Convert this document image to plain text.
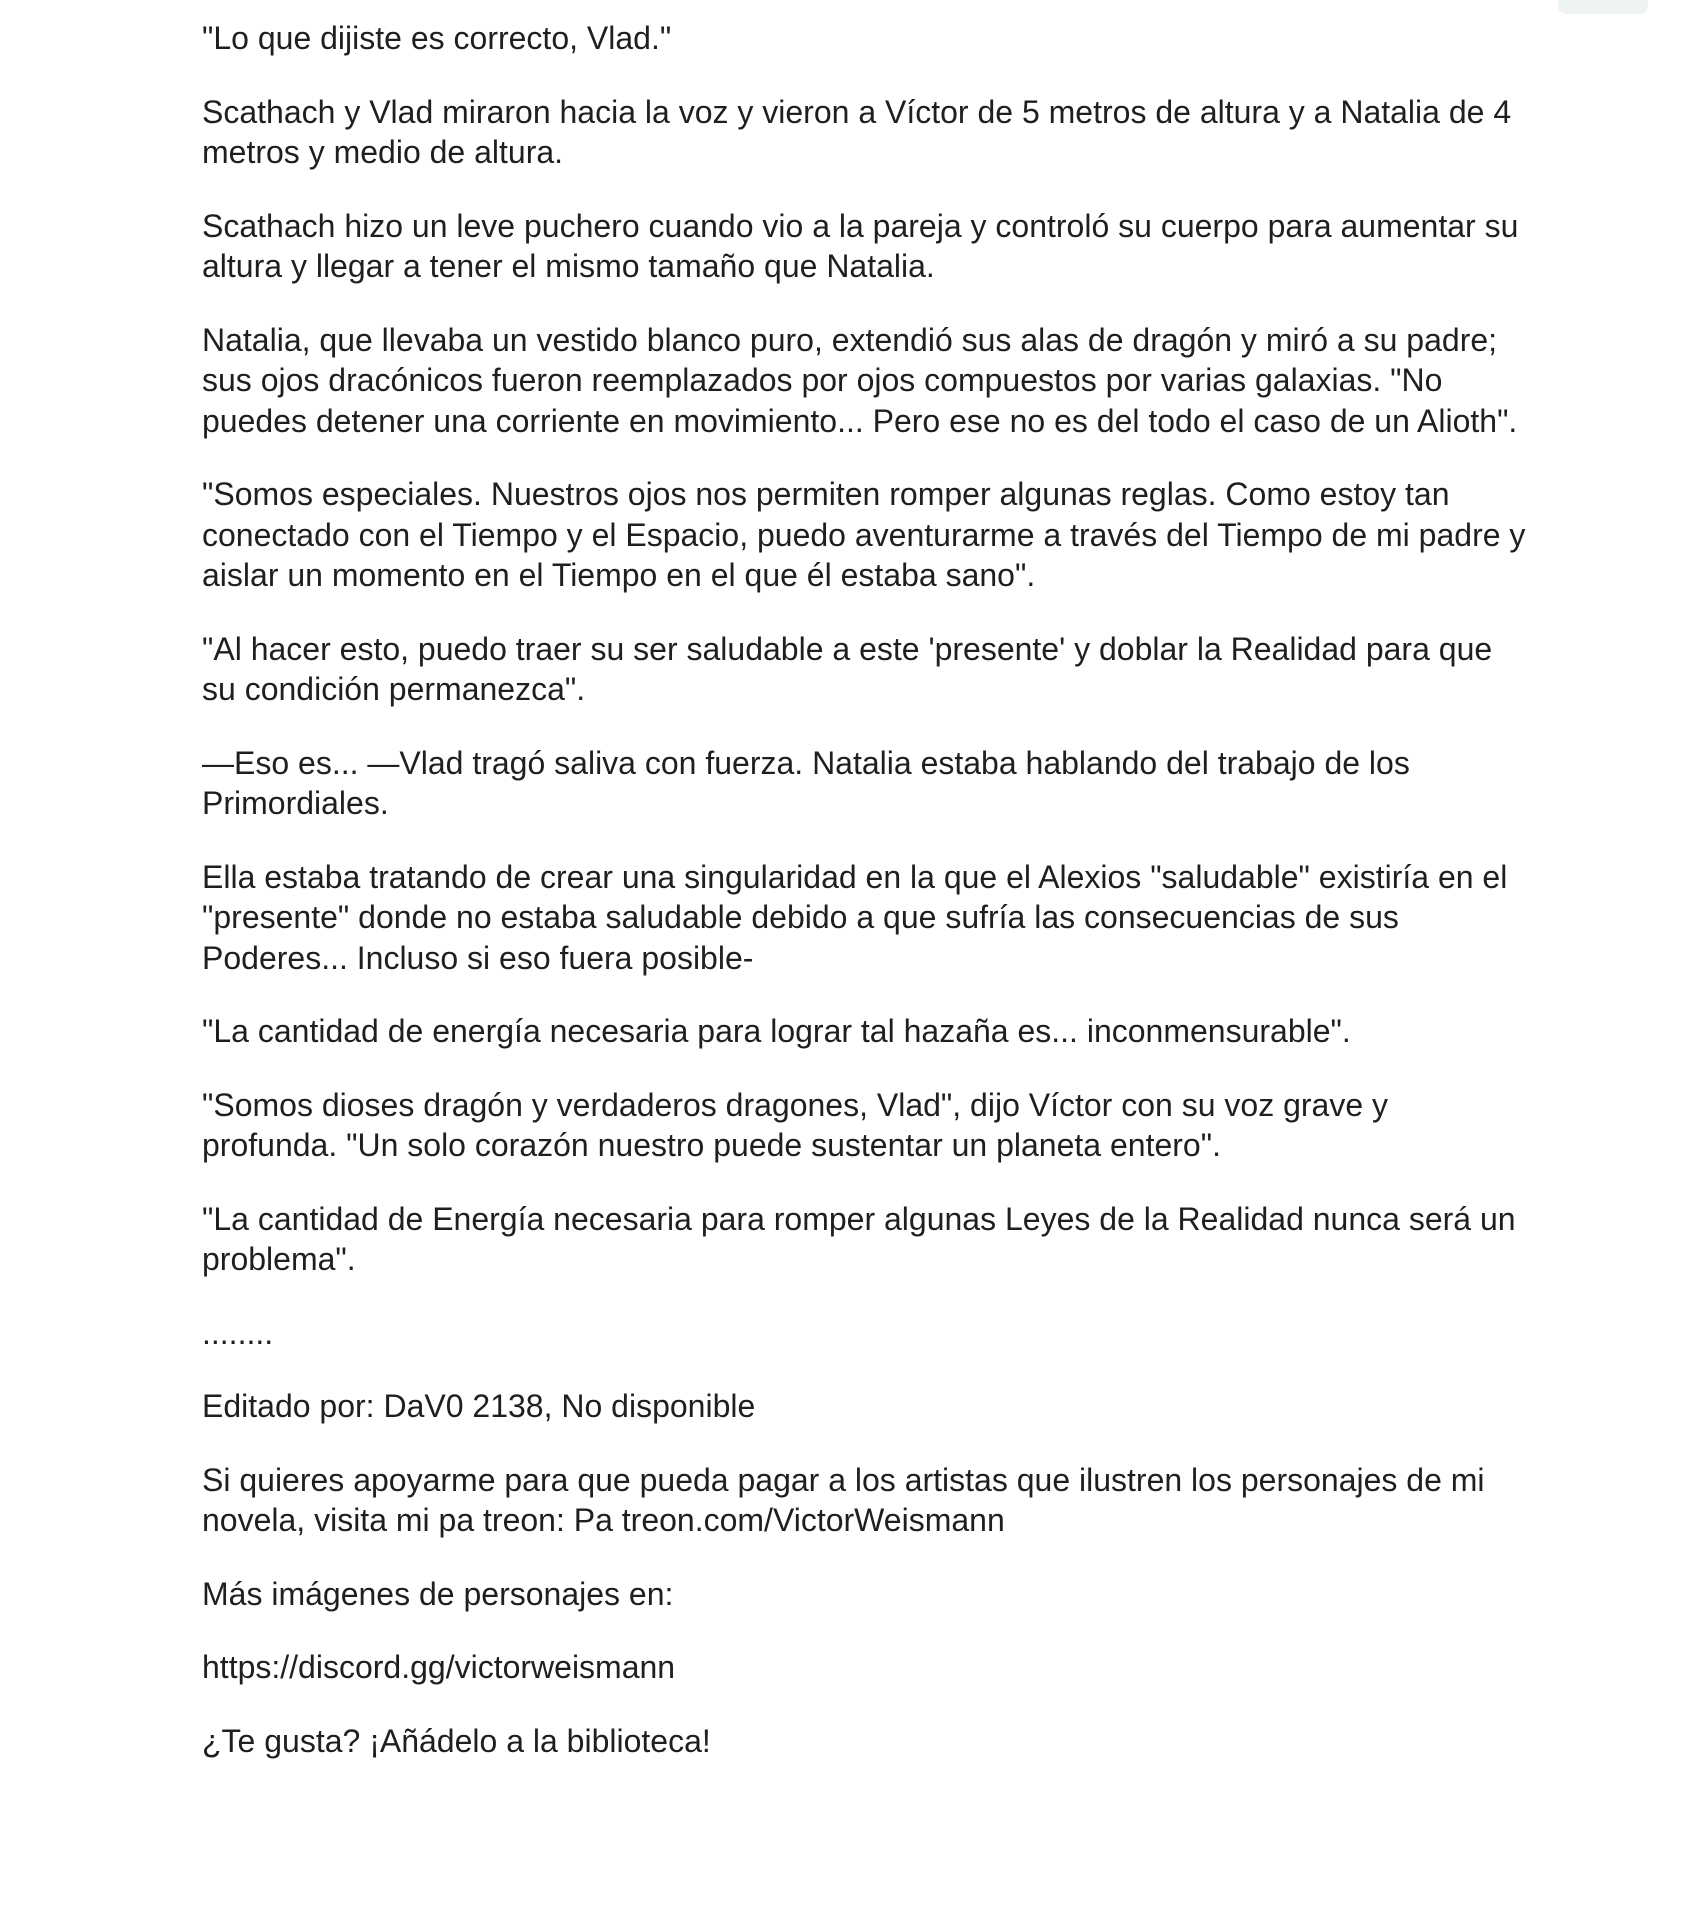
"Lo que dijiste es correcto, Vlad."

Scathach y Vlad miraron hacia la voz y vieron a Víctor de 5 metros de altura y a Natalia de 4 metros y medio de altura.

Scathach hizo un leve puchero cuando vio a la pareja y controló su cuerpo para aumentar su altura y llegar a tener el mismo tamaño que Natalia.

Natalia, que llevaba un vestido blanco puro, extendió sus alas de dragón y miró a su padre; sus ojos dracónicos fueron reemplazados por ojos compuestos por varias galaxias. "No puedes detener una corriente en movimiento... Pero ese no es del todo el caso de un Alioth".

"Somos especiales. Nuestros ojos nos permiten romper algunas reglas. Como estoy tan conectado con el Tiempo y el Espacio, puedo aventurarme a través del Tiempo de mi padre y aislar un momento en el Tiempo en el que él estaba sano".

"Al hacer esto, puedo traer su ser saludable a este 'presente' y doblar la Realidad para que su condición permanezca".

—Eso es... —Vlad tragó saliva con fuerza. Natalia estaba hablando del trabajo de los Primordiales.

Ella estaba tratando de crear una singularidad en la que el Alexios "saludable" existiría en el "presente" donde no estaba saludable debido a que sufría las consecuencias de sus Poderes... Incluso si eso fuera posible-

"La cantidad de energía necesaria para lograr tal hazaña es... inconmensurable".

"Somos dioses dragón y verdaderos dragones, Vlad", dijo Víctor con su voz grave y profunda. "Un solo corazón nuestro puede sustentar un planeta entero".

"La cantidad de Energía necesaria para romper algunas Leyes de la Realidad nunca será un problema".

........

Editado por: DaV0 2138, No disponible

Si quieres apoyarme para que pueda pagar a los artistas que ilustren los personajes de mi novela, visita mi pa treon: Pa treon.com/VictorWeismann

Más imágenes de personajes en:

https://discord.gg/victorweismann

¿Te gusta? ¡Añádelo a la biblioteca!
